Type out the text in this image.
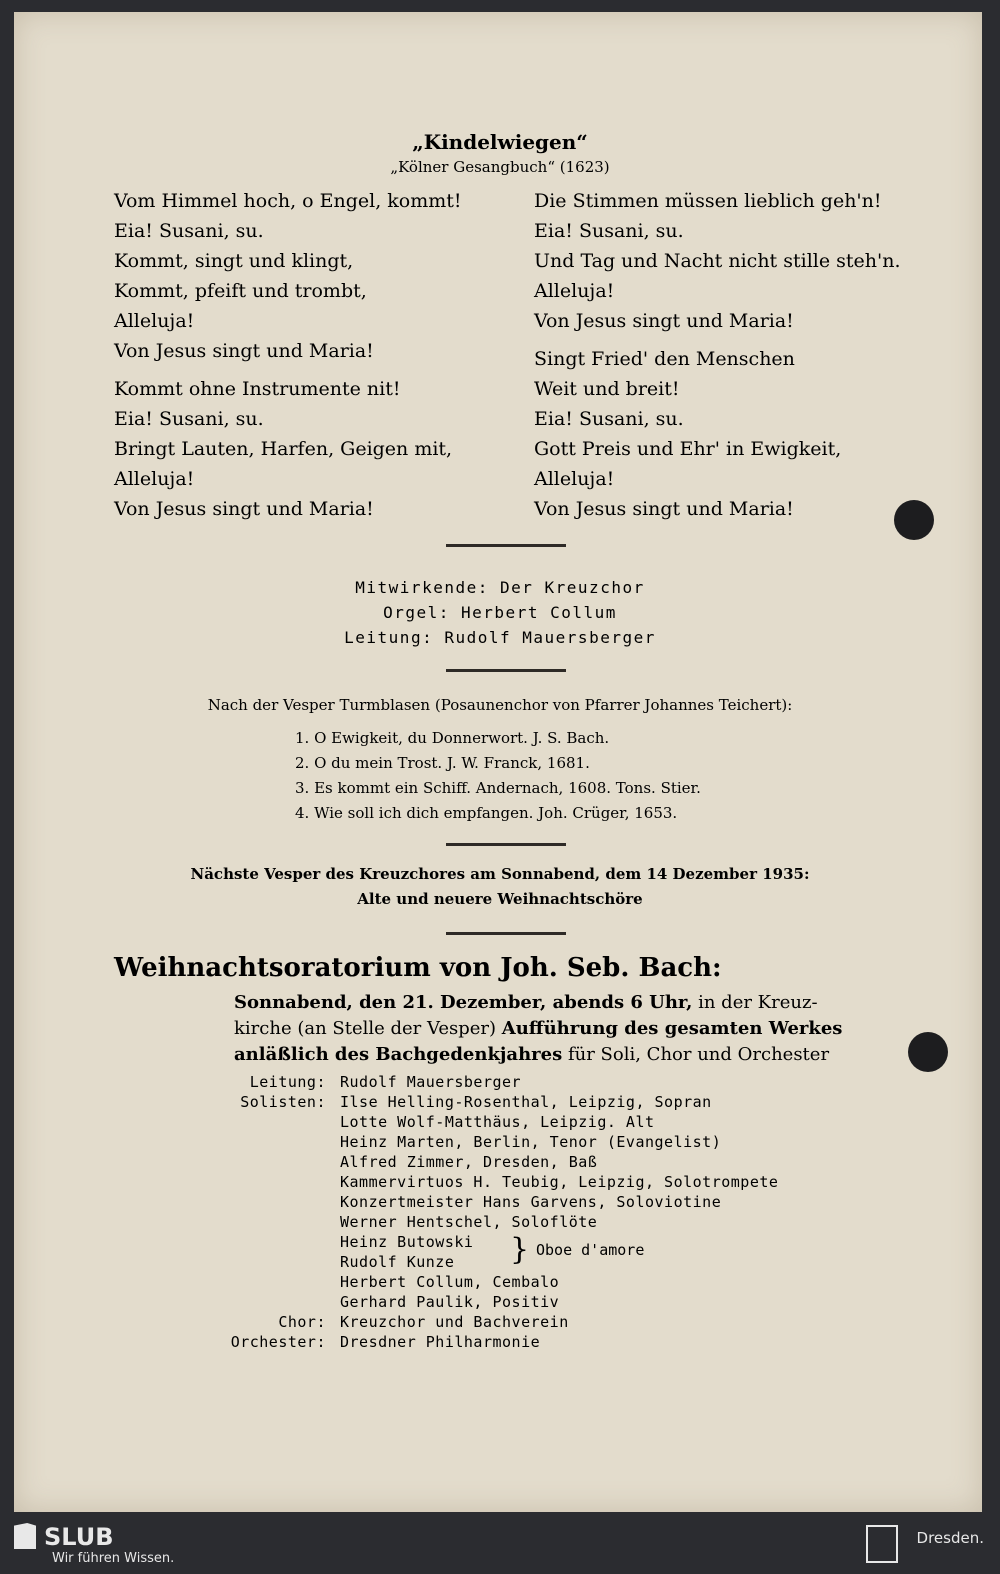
„Kindelwiegen“
„Kölner Gesangbuch“ (1623)
Vom Himmel hoch, o Engel, kommt!
Eia! Susani, su.
Kommt, singt und klingt,
Kommt, pfeift und trombt,
Alleluja!
Von Jesus singt und Maria!
Kommt ohne Instrumente nit!
Eia! Susani, su.
Bringt Lauten, Harfen, Geigen mit,
Alleluja!
Von Jesus singt und Maria!
Die Stimmen müssen lieblich geh'n!
Eia! Susani, su.
Und Tag und Nacht nicht stille steh'n.
Alleluja!
Von Jesus singt und Maria!
Singt Fried' den Menschen
Weit und breit!
Eia! Susani, su.
Gott Preis und Ehr' in Ewigkeit,
Alleluja!
Von Jesus singt und Maria!
Mitwirkende: Der Kreuzchor
Orgel: Herbert Collum
Leitung: Rudolf Mauersberger
Nach der Vesper Turmblasen (Posaunenchor von Pfarrer Johannes Teichert):
1. O Ewigkeit, du Donnerwort. J. S. Bach.
2. O du mein Trost. J. W. Franck, 1681.
3. Es kommt ein Schiff. Andernach, 1608. Tons. Stier.
4. Wie soll ich dich empfangen. Joh. Crüger, 1653.
Nächste Vesper des Kreuzchores am Sonnabend, dem 14 Dezember 1935:
Alte und neuere Weihnachtschöre
Weihnachtsoratorium von Joh. Seb. Bach:
Sonnabend, den 21. Dezember, abends 6 Uhr, in der Kreuz-
kirche (an Stelle der Vesper) Aufführung des gesamten Werkes
anläßlich des Bachgedenkjahres für Soli, Chor und Orchester
Leitung:
Solisten:
Chor:
Orchester:
Rudolf Mauersberger
Ilse Helling-Rosenthal, Leipzig, Sopran
Lotte Wolf-Matthäus, Leipzig. Alt
Heinz Marten, Berlin, Tenor (Evangelist)
Alfred Zimmer, Dresden, Baß
Kammervirtuos H. Teubig, Leipzig, Solotrompete
Konzertmeister Hans Garvens, Soloviotine
Werner Hentschel, Soloflöte
Heinz Butowski
Rudolf Kunze
Herbert Collum, Cembalo
Gerhard Paulik, Positiv
Kreuzchor und Bachverein
Dresdner Philharmonie
} Oboe d'amore
SLUB
Wir führen Wissen.
Dresden.
